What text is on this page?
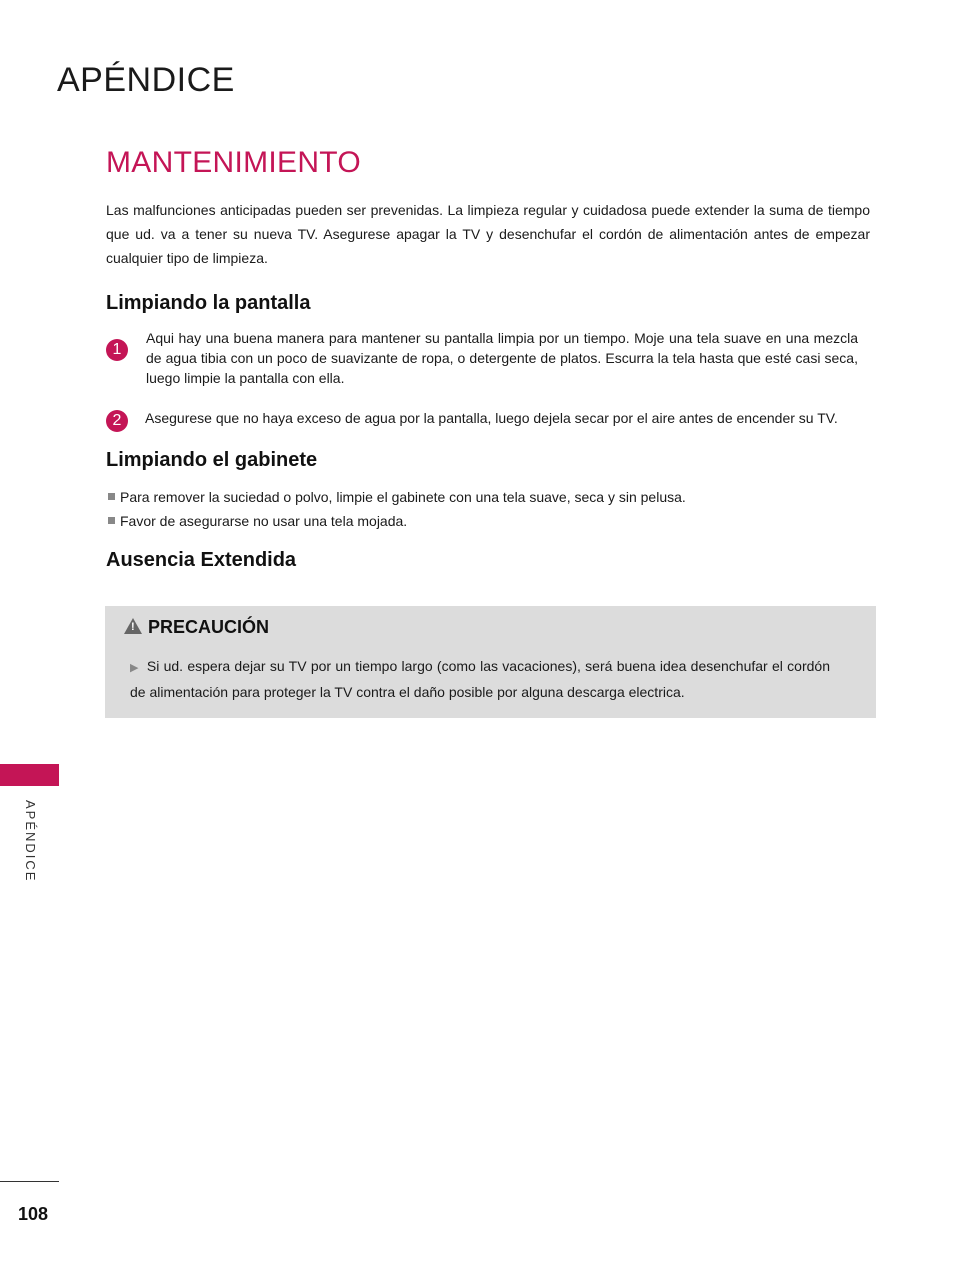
APÉNDICE
MANTENIMIENTO
Las malfunciones anticipadas pueden ser prevenidas. La limpieza regular y cuidadosa puede extender la suma de tiempo que ud. va a tener su nueva TV. Asegurese apagar la TV y desenchufar el cordón de alimentación antes de empezar cualquier tipo de limpieza.
Limpiando la pantalla
1
Aqui hay una buena manera para mantener su pantalla limpia por un tiempo. Moje una tela suave en una mezcla de agua tibia con un poco de suavizante de ropa, o detergente de platos. Escurra la tela hasta que esté casi seca, luego limpie la pantalla con ella.
2	Asegurese que no haya exceso de agua por la pantalla, luego dejela secar por el aire antes de encender su TV.
Limpiando el gabinete
Para remover la suciedad o polvo, limpie el gabinete con una tela suave, seca y sin pelusa.
Favor de asegurarse no usar una tela mojada.
Ausencia Extendida
!PRECAUCIÓN
▶ Si ud. espera dejar su TV por un tiempo largo (como las vacaciones), será buena idea desenchufar el cordón de alimentación para proteger la TV contra el daño posible por alguna descarga electrica.
APÉNDICE
108
